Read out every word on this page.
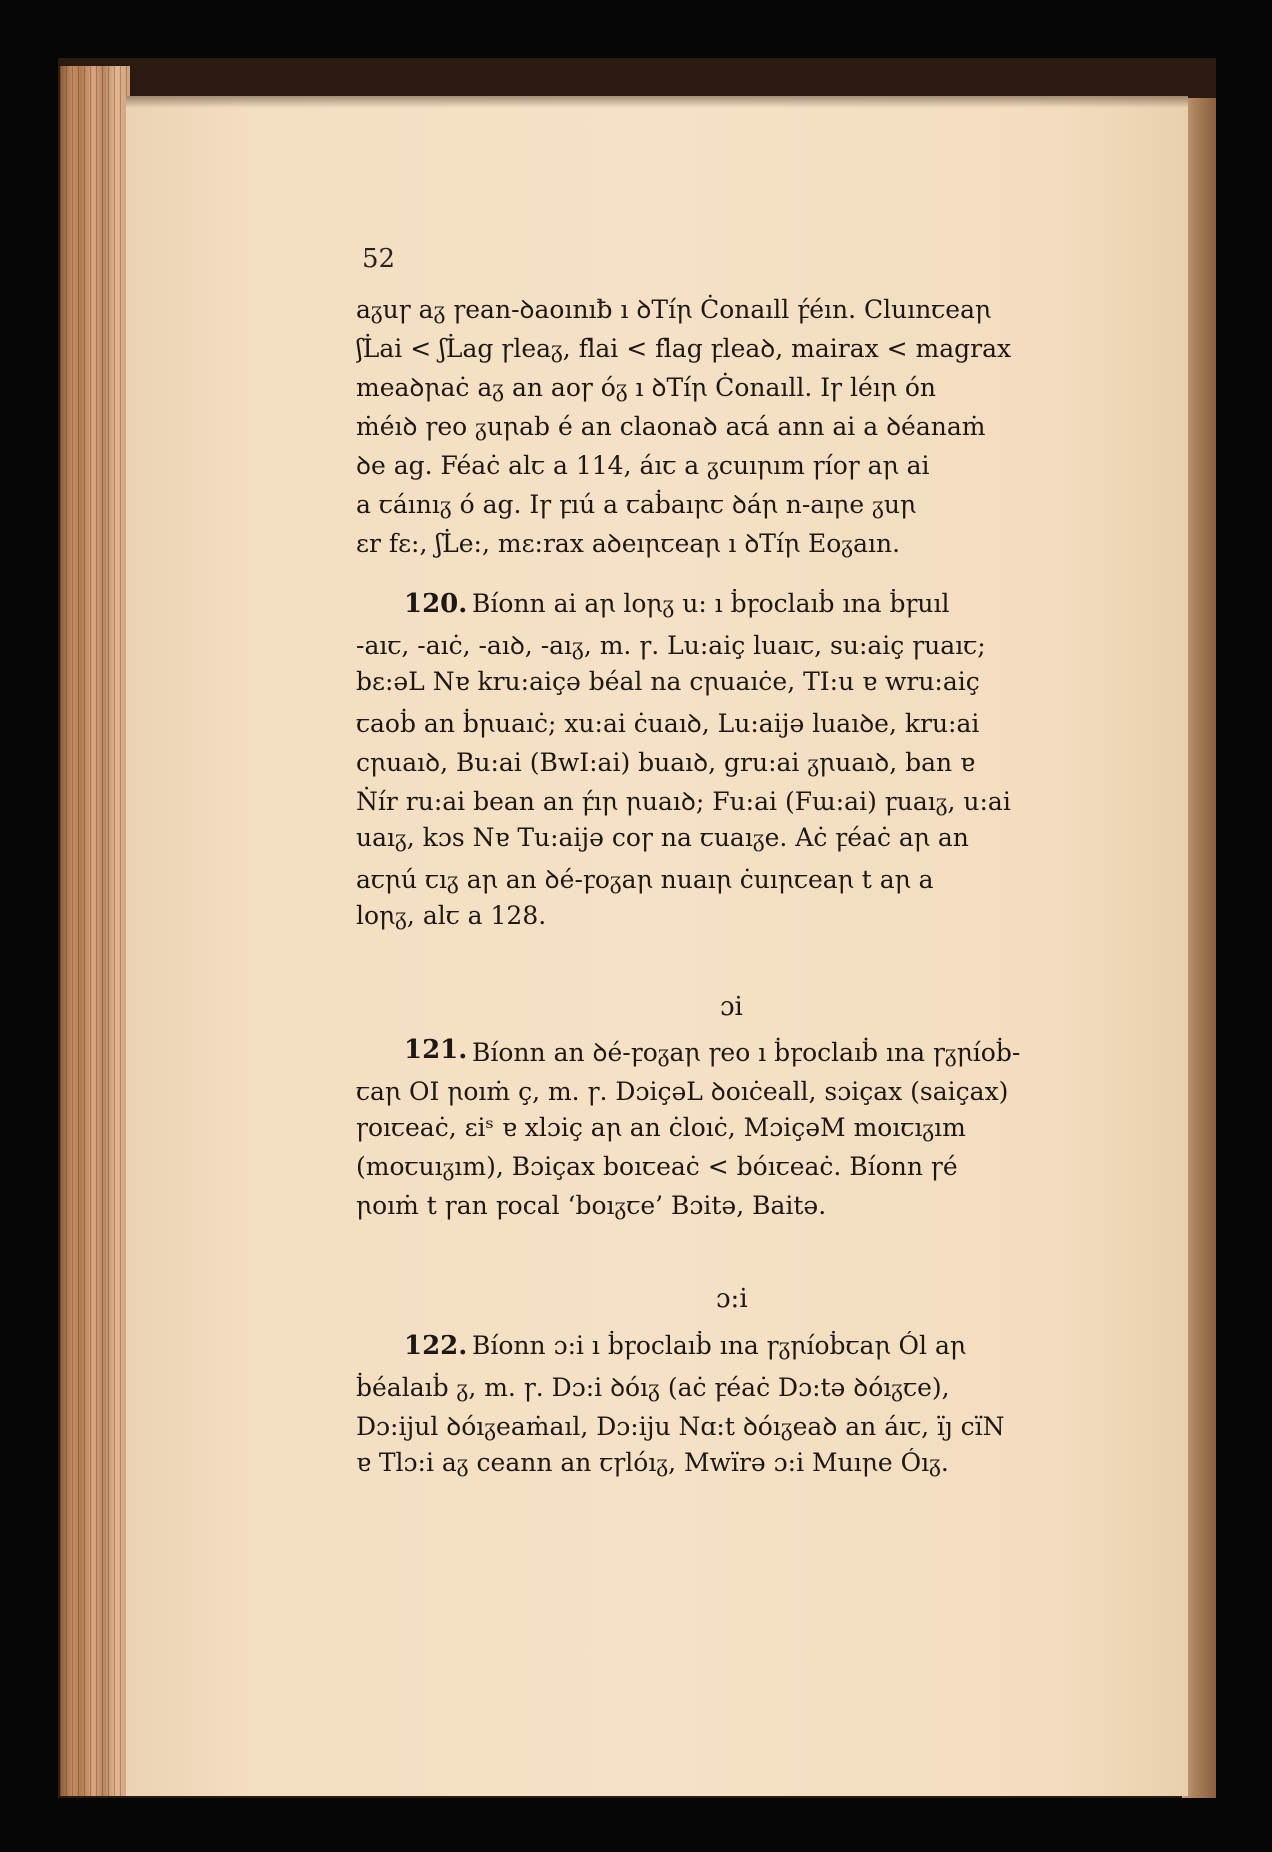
52
aᵹuꞅ aᵹ ꞅean-ꝺaoınıƀ ı ꝺTíꞃ Ċonaıll ꝼ́éın. Cluınꞇeaꞃ
ʃL̇ai < ʃL̇ag ꞅleaᵹ, fl̇ai < fl̇ag ꝼleaꝺ, mairax < magrax
meaꝺꞃaċ aᵹ an aoꞅ óᵹ ı ꝺTíꞃ Ċonaıll. Iꞅ léıꞃ ón
ṁéıꝺ ꞅeo ᵹuꞃab é an claonaꝺ aꞇá ann ai a ꝺéanaṁ
ꝺe ag. Féaċ alꞇ a 114, áıꞇ a ᵹcuıꞃım ꞅíoꞅ aꞃ ai
a ꞇáınıᵹ ó ag. Iꞅ ꝼıú a ꞇaḃaıꞃꞇ ꝺáꞃ n-aıꞃe ᵹuꞃ
ɛr fɛ:, ʃL̇e:, mɛ:rax aꝺeıꞃꞇeaꞃ ı ꝺTíꞃ Eoᵹaın.
120. Bíonn ai aꞃ loꞃᵹ u: ı ḃꝼoclaıḃ ına ḃꝼuıl
-aıꞇ, -aıċ, -aıꝺ, -aıᵹ, m. ꞅ. Lu:aiç luaıꞇ, su:aiç ꞅuaıꞇ;
bɛ:əL Nɐ kru:aiçə béal na cꞃuaıċe, TI:u ɐ wru:aiç
ꞇaoḃ an ḃꞃuaıċ; xu:ai ċuaıꝺ, Lu:aijə luaıꝺe, kru:ai
cꞃuaıꝺ, Bu:ai (BwI:ai) buaıꝺ, gru:ai ᵹꞃuaıꝺ, ban ɐ
Ṅír ru:ai bean an ꝼ́ıꞃ ꞃuaıꝺ; Fu:ai (Fɯ:ai) ꝼuaıᵹ, u:ai
uaıᵹ, kɔs Nɐ Tu:aijə coꞅ na ꞇuaıᵹe. Aċ ꝼéaċ aꞃ an
aꞇꞃú ꞇıᵹ aꞃ an ꝺé-ꝼoᵹaꞃ nuaıꞃ ċuıꞃꞇeaꞃ t aꞃ a
loꞃᵹ, alꞇ a 128.
ɔi
121. Bíonn an ꝺé-ꝼoᵹaꞃ ꞅeo ı ḃꝼoclaıḃ ına ꞅᵹꞃíoḃ-
ꞇaꞃ OI ꞃoıṁ ç, m. ꞅ. DɔiçəL ꝺoıċeall, sɔiçax (saiçax)
ꞅoıꞇeaċ, ɛiˢ ɐ xlɔiç aꞃ an ċloıċ, MɔiçəM moıꞇıᵹım
(moꞇuıᵹım), Bɔiçax boıꞇeaċ < bóıꞇeaċ. Bíonn ꞅé
ꞃoıṁ t ꞅan ꝼocal ‘boıᵹꞇe’ Bɔitə, Baitə.
ɔ:i
122. Bíonn ɔ:i ı ḃꝼoclaıḃ ına ꞅᵹꞃíoḃꞇaꞃ Ól aꞃ
ḃéalaıḃ ᵹ, m. ꞅ. Dɔ:i ꝺóıᵹ (aċ ꝼéaċ Dɔ:tə ꝺóıᵹꞇe),
Dɔ:ijul ꝺóıᵹeaṁaıl, Dɔ:iju Nɑ:t ꝺóıᵹeaꝺ an áıꞇ, ïȷ cïN
ɐ Tlɔ:i aᵹ ceann an ꞇꞅlóıᵹ, Mwïrə ɔ:i Muıꞃe Óıᵹ.
